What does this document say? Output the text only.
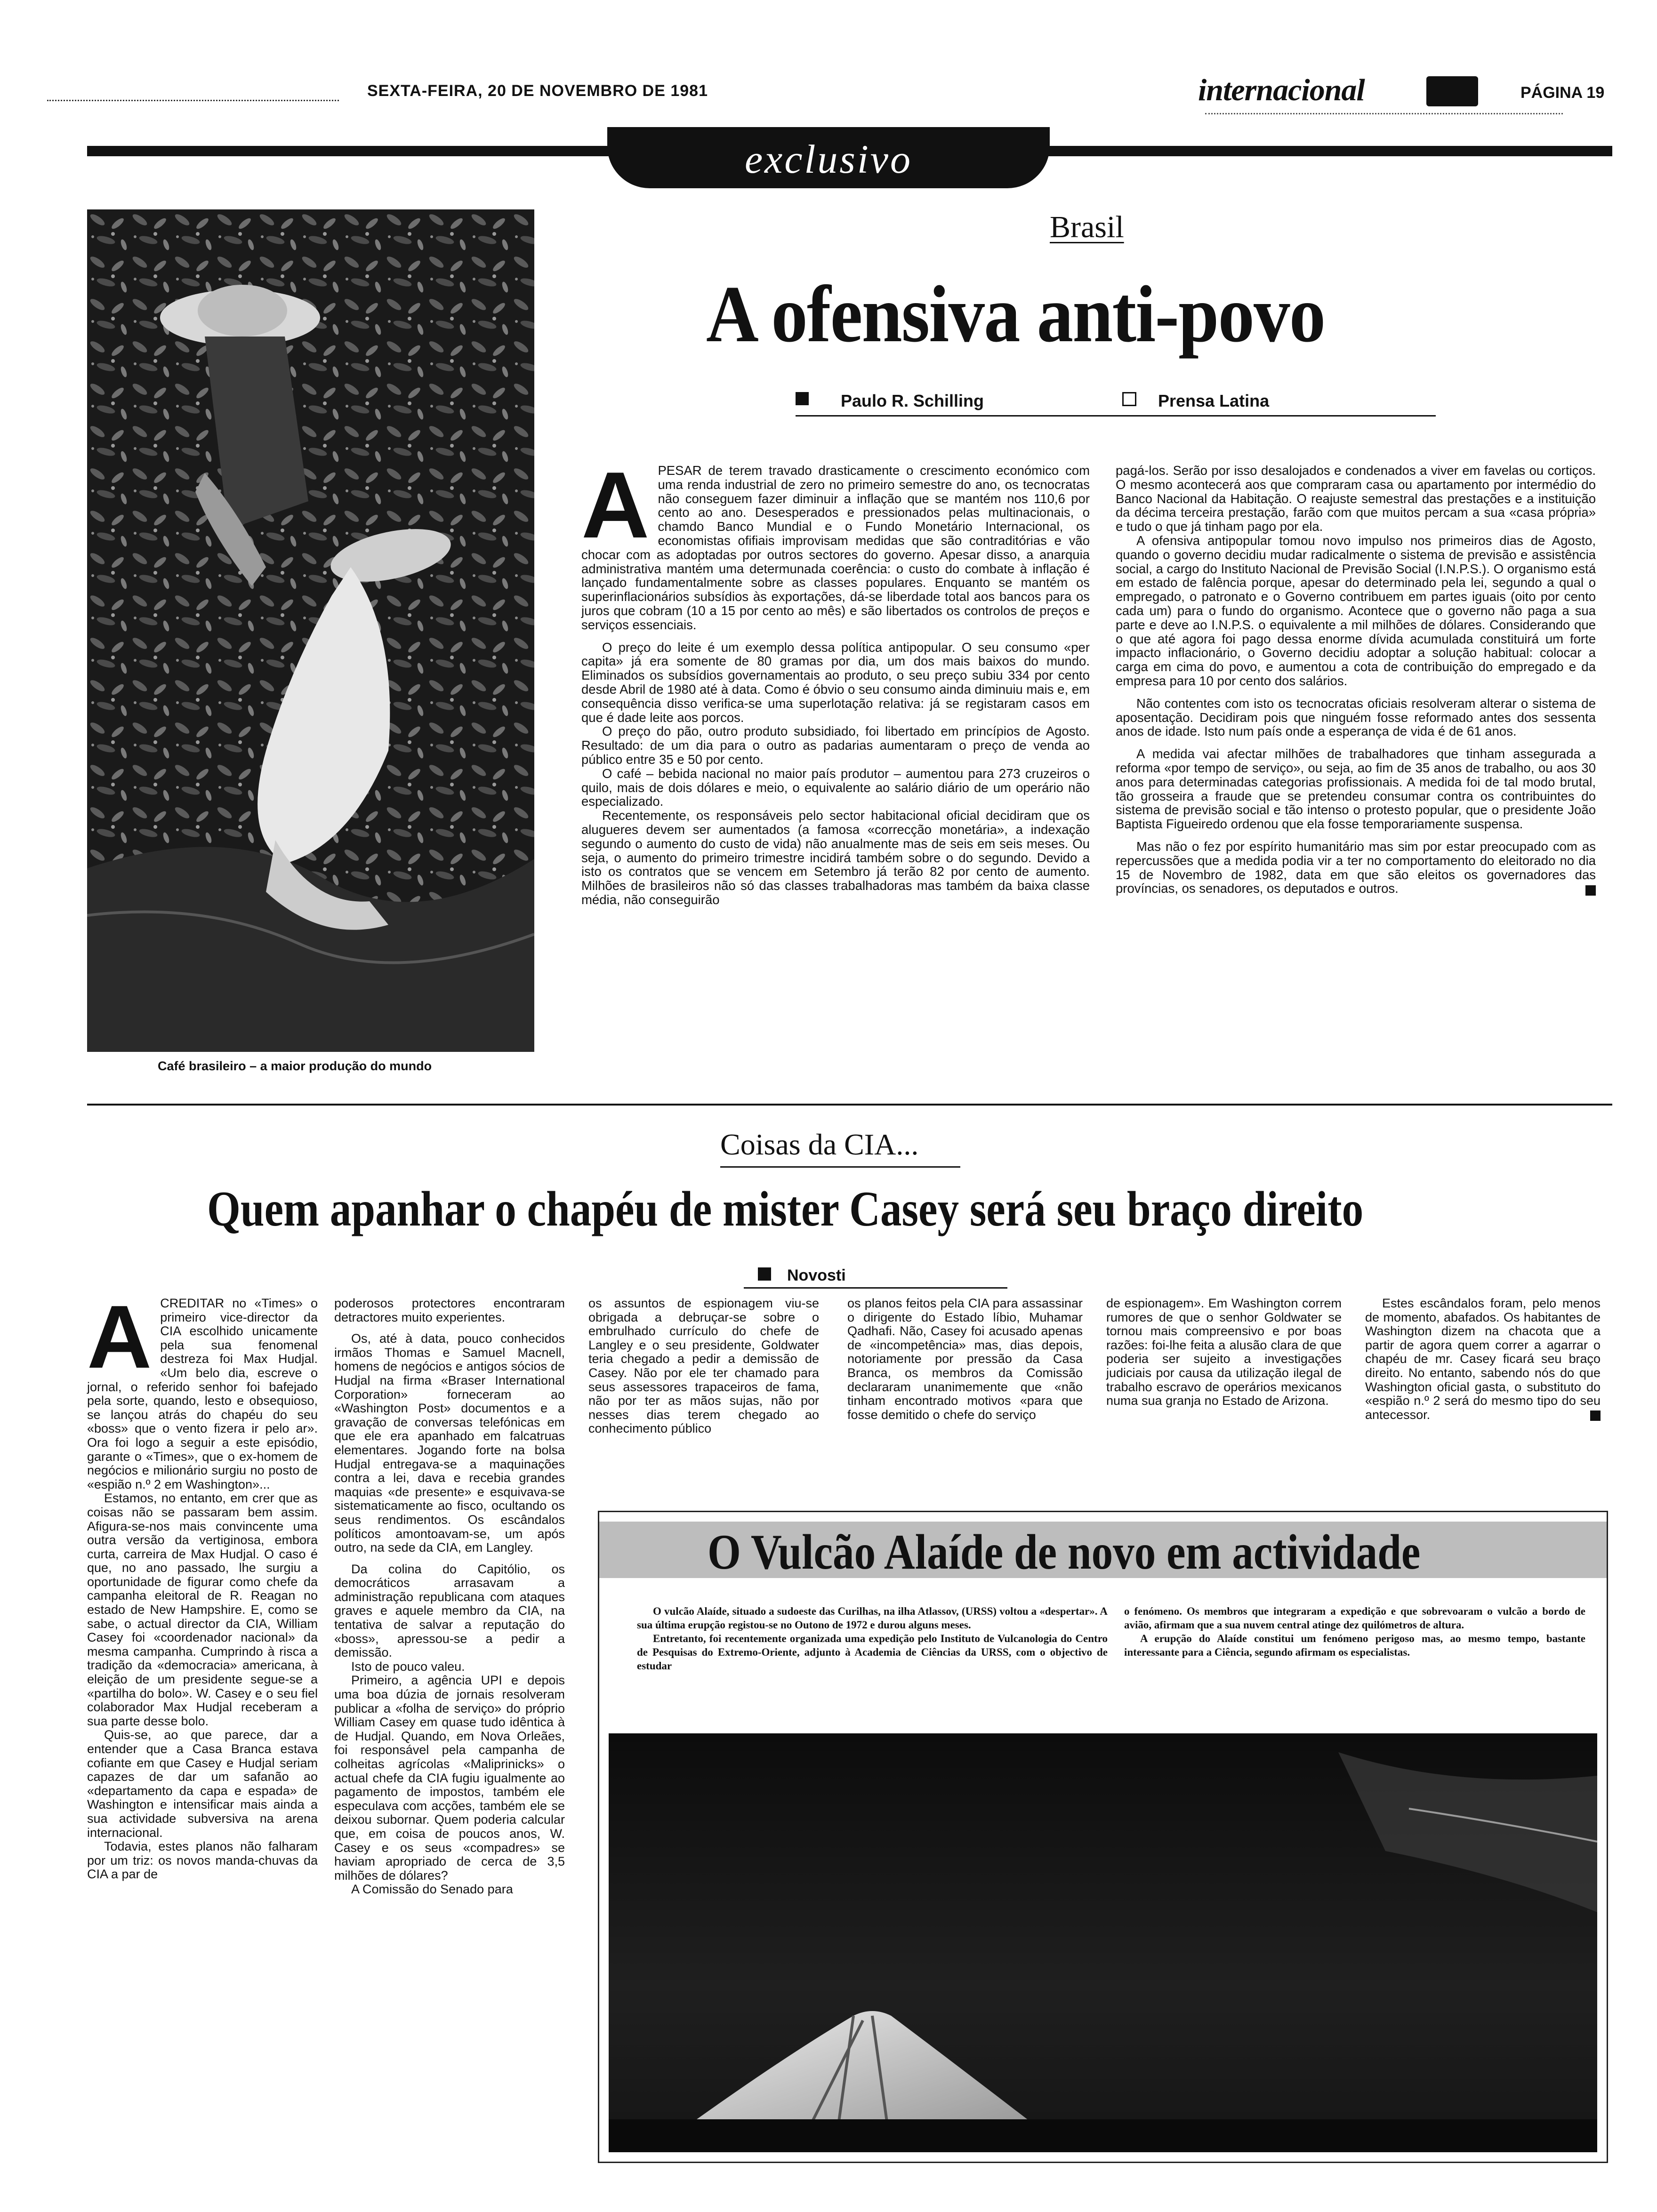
SEXTA-FEIRA, 20 DE NOVEMBRO DE 1981	internacional	PÁGINA 19
exclusivo
Café brasileiro – a maior produção do mundo
Brasil
A ofensiva anti-povo
Paulo R. Schilling	Prensa Latina
A PESAR de terem travado drasticamente o crescimento económico com uma renda industrial de zero no primeiro semestre do ano, os tecnocratas não conseguem fazer diminuir a inflação que se mantém nos 110,6 por cento ao ano. Desesperados e pressionados pelas multinacionais, o chamdo Banco Mundial e o Fundo Monetário Internacional, os economistas ofifiais improvisam medidas que são contraditórias e vão chocar com as adoptadas por outros sectores do governo. Apesar disso, a anarquia administrativa mantém uma determunada coerência: o custo do combate à inflação é lançado fundamentalmente sobre as classes populares. Enquanto se mantém os superinflacionários subsídios às exportações, dá-se liberdade total aos bancos para os juros que cobram (10 a 15 por cento ao mês) e são libertados os controlos de preços e serviços essenciais.

O preço do leite é um exemplo dessa política antipopular. O seu consumo «per capita» já era somente de 80 gramas por dia, um dos mais baixos do mundo. Eliminados os subsídios governamentais ao produto, o seu preço subiu 334 por cento desde Abril de 1980 até à data. Como é óbvio o seu consumo ainda diminuiu mais e, em consequência disso verifica-se uma superlotação relativa: já se registaram casos em que é dade leite aos porcos.

O preço do pão, outro produto subsidiado, foi libertado em princípios de Agosto. Resultado: de um dia para o outro as padarias aumentaram o preço de venda ao público entre 35 e 50 por cento.

O café – bebida nacional no maior país produtor – aumentou para 273 cruzeiros o quilo, mais de dois dólares e meio, o equivalente ao salário diário de um operário não especializado.

Recentemente, os responsáveis pelo sector habitacional oficial decidiram que os alugueres devem ser aumentados (a famosa «correcção monetária», a indexação segundo o aumento do custo de vida) não anualmente mas de seis em seis meses. Ou seja, o aumento do primeiro trimestre incidirá também sobre o do segundo. Devido a isto os contratos que se vencem em Setembro já terão 82 por cento de aumento. Milhões de brasileiros não só das classes trabalhadoras mas também da baixa classe média, não conseguirão

pagá-los. Serão por isso desalojados e condenados a viver em favelas ou cortiços. O mesmo acontecerá aos que compraram casa ou apartamento por intermédio do Banco Nacional da Habitação. O reajuste semestral das prestações e a instituição da décima terceira prestação, farão com que muitos percam a sua «casa própria» e tudo o que já tinham pago por ela.

A ofensiva antipopular tomou novo impulso nos primeiros dias de Agosto, quando o governo decidiu mudar radicalmente o sistema de previsão e assistência social, a cargo do Instituto Nacional de Previsão Social (I.N.P.S.). O organismo está em estado de falência porque, apesar do determinado pela lei, segundo a qual o empregado, o patronato e o Governo contribuem em partes iguais (oito por cento cada um) para o fundo do organismo. Acontece que o governo não paga a sua parte e deve ao I.N.P.S. o equivalente a mil milhões de dólares. Considerando que o que até agora foi pago dessa enorme dívida acumulada constituirá um forte impacto inflacionário, o Governo decidiu adoptar a solução habitual: colocar a carga em cima do povo, e aumentou a cota de contribuição do empregado e da empresa para 10 por cento dos salários.

Não contentes com isto os tecnocratas oficiais resolveram alterar o sistema de aposentação. Decidiram pois que ninguém fosse reformado antes dos sessenta anos de idade. Isto num país onde a esperança de vida é de 61 anos.

A medida vai afectar milhões de trabalhadores que tinham assegurada a reforma «por tempo de serviço», ou seja, ao fim de 35 anos de trabalho, ou aos 30 anos para determinadas categorias profissionais. A medida foi de tal modo brutal, tão grosseira a fraude que se pretendeu consumar contra os contribuintes do sistema de previsão social e tão intenso o protesto popular, que o presidente João Baptista Figueiredo ordenou que ela fosse temporariamente suspensa.

Mas não o fez por espírito humanitário mas sim por estar preocupado com as repercussões que a medida podia vir a ter no comportamento do eleitorado no dia 15 de Novembro de 1982, data em que são eleitos os governadores das províncias, os senadores, os deputados e outros.

Coisas da CIA...
Quem apanhar o chapéu de mister Casey será seu braço direito
Novosti
A CREDITAR no «Times» o primeiro vice-director da CIA escolhido unicamente pela sua fenomenal destreza foi Max Hudjal. «Um belo dia, escreve o jornal, o referido senhor foi bafejado pela sorte, quando, lesto e obsequioso, se lançou atrás do chapéu do seu «boss» que o vento fizera ir pelo ar». Ora foi logo a seguir a este episódio, garante o «Times», que o ex-homem de negócios e milionário surgiu no posto de «espião n.º 2 em Washington»...

Estamos, no entanto, em crer que as coisas não se passaram bem assim. Afigura-se-nos mais convincente uma outra versão da vertiginosa, embora curta, carreira de Max Hudjal. O caso é que, no ano passado, lhe surgiu a oportunidade de figurar como chefe da campanha eleitoral de R. Reagan no estado de New Hampshire. E, como se sabe, o actual director da CIA, William Casey foi «coordenador nacional» da mesma campanha. Cumprindo à risca a tradição da «democracia» americana, à eleição de um presidente segue-se a «partilha do bolo». W. Casey e o seu fiel colaborador Max Hudjal receberam a sua parte desse bolo.

Quis-se, ao que parece, dar a entender que a Casa Branca estava cofiante em que Casey e Hudjal seriam capazes de dar um safanão ao «departamento da capa e espada» de Washington e intensificar mais ainda a sua actividade subversiva na arena internacional.

Todavia, estes planos não falharam por um triz: os novos manda-chuvas da CIA a par de

poderosos protectores encontraram detractores muito experientes.

Os, até à data, pouco conhecidos irmãos Thomas e Samuel Macnell, homens de negócios e antigos sócios de Hudjal na firma «Braser International Corporation» forneceram ao «Washington Post» documentos e a gravação de conversas telefónicas em que ele era apanhado em falcatruas elementares. Jogando forte na bolsa Hudjal entregava-se a maquinações contra a lei, dava e recebia grandes maquias «de presente» e esquivava-se sistematicamente ao fisco, ocultando os seus rendimentos. Os escândalos políticos amontoavam-se, um após outro, na sede da CIA, em Langley.

Da colina do Capitólio, os democráticos arrasavam a administração republicana com ataques graves e aquele membro da CIA, na tentativa de salvar a reputação do «boss», apressou-se a pedir a demissão.

Isto de pouco valeu.

Primeiro, a agência UPI e depois uma boa dúzia de jornais resolveram publicar a «folha de serviço» do próprio William Casey em quase tudo idêntica à de Hudjal. Quando, em Nova Orleães, foi responsável pela campanha de colheitas agrícolas «Maliprinicks» o actual chefe da CIA fugiu igualmente ao pagamento de impostos, também ele especulava com acções, também ele se deixou subornar. Quem poderia calcular que, em coisa de poucos anos, W. Casey e os seus «compadres» se haviam apropriado de cerca de 3,5 milhões de dólares?

A Comissão do Senado para

os assuntos de espionagem viu-se obrigada a debruçar-se sobre o embrulhado currículo do chefe de Langley e o seu presidente, Goldwater teria chegado a pedir a demissão de Casey. Não por ele ter chamado para seus assessores trapaceiros de fama, não por ter as mãos sujas, não por nesses dias terem chegado ao conhecimento público

os planos feitos pela CIA para assassinar o dirigente do Estado líbio, Muhamar Qadhafi. Não, Casey foi acusado apenas de «incompetência» mas, dias depois, notoriamente por pressão da Casa Branca, os membros da Comissão declararam unanimemente que «não tinham encontrado motivos «para que fosse demitido o chefe do serviço

de espionagem». Em Washington correm rumores de que o senhor Goldwater se tornou mais compreensivo e por boas razões: foi-lhe feita a alusão clara de que poderia ser sujeito a investigações judiciais por causa da utilização ilegal de trabalho escravo de operários mexicanos numa sua granja no Estado de Arizona.

Estes escândalos foram, pelo menos de momento, abafados. Os habitantes de Washington dizem na chacota que a partir de agora quem correr a agarrar o chapéu de mr. Casey ficará seu braço direito. No entanto, sabendo nós do que Washington oficial gasta, o substituto do «espião n.º 2 será do mesmo tipo do seu antecessor.

O Vulcão Alaíde de novo em actividade

O vulcão Alaíde, situado a sudoeste das Curilhas, na ilha Atlassov, (URSS) voltou a «despertar». A sua última erupção registou-se no Outono de 1972 e durou alguns meses.

Entretanto, foi recentemente organizada uma expedição pelo Instituto de Vulcanologia do Centro de Pesquisas do Extremo-Oriente, adjunto à Academia de Ciências da URSS, com o objectivo de estudar

o fenómeno. Os membros que integraram a expedição e que sobrevoaram o vulcão a bordo de avião, afirmam que a sua nuvem central atinge dez quilómetros de altura.

A erupção do Alaíde constitui um fenómeno perigoso mas, ao mesmo tempo, bastante interessante para a Ciência, segundo afirmam os especialistas.
